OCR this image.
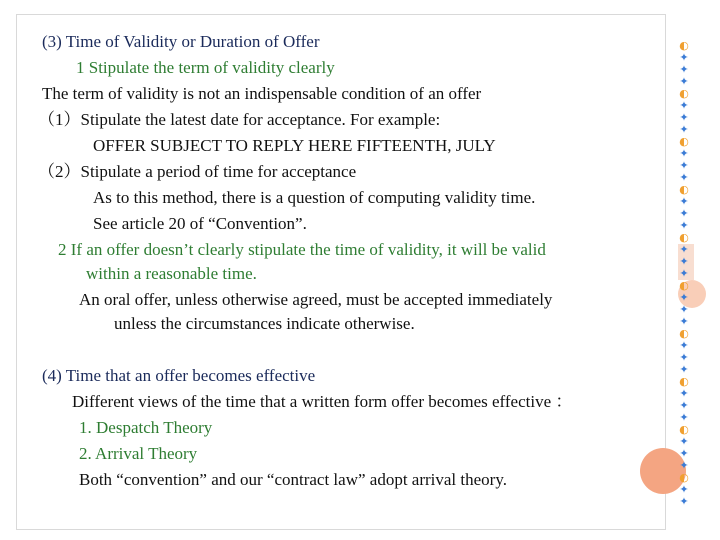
(3) Time of Validity or Duration of Offer
1 Stipulate the term of validity clearly
The term of validity is not an indispensable condition of an offer
（1）Stipulate the latest date for acceptance. For example:
OFFER SUBJECT TO REPLY HERE FIFTEENTH, JULY
（2）Stipulate a period of time for acceptance
As to this method, there is a question of computing validity time.
See article 20 of “Convention”.
2 If an offer doesn’t clearly stipulate the time of validity, it will be valid
within a reasonable time.
An oral offer, unless otherwise agreed, must be accepted immediately
unless the circumstances indicate otherwise.
(4) Time that an offer becomes effective
Different views of the time that a written form offer becomes effective ：
1. Despatch Theory
2. Arrival Theory
Both “convention” and our “contract law” adopt arrival theory.
◐
✦
✦
✦
◐
✦
✦
✦
◐
✦
✦
✦
◐
✦
✦
✦
◐
✦
✦
✦
◐
✦
✦
✦
◐
✦
✦
✦
◐
✦
✦
✦
◐
✦
✦
✦
◐
✦
✦
